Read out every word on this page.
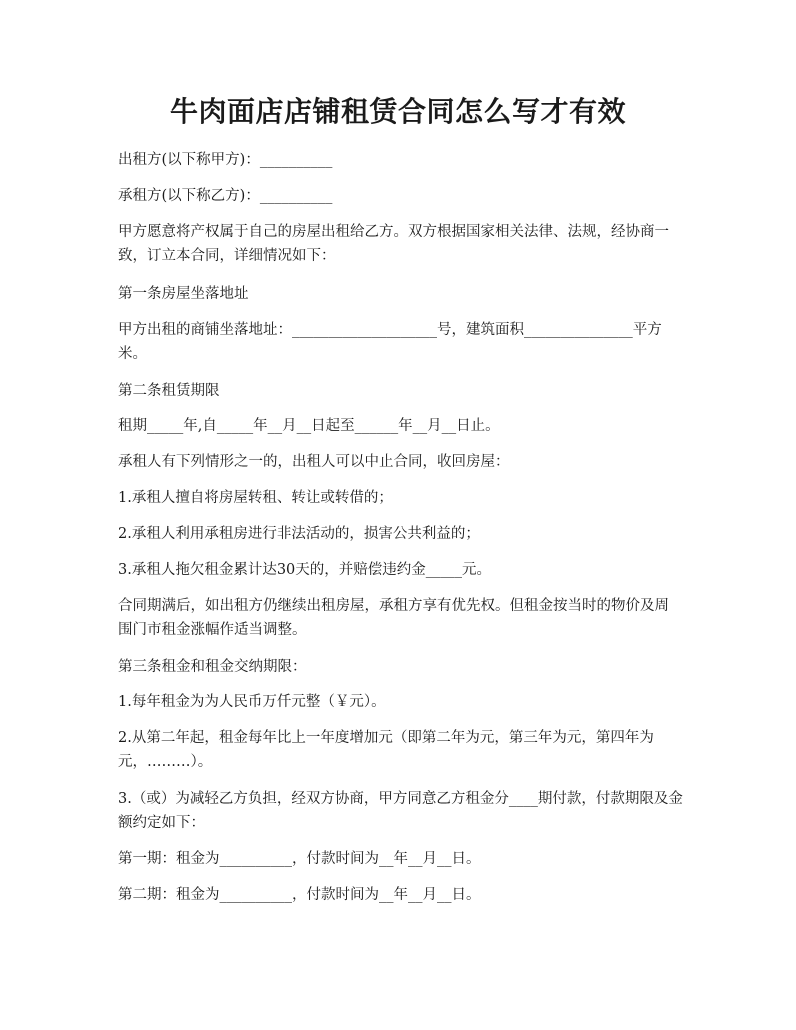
牛肉面店店铺租赁合同怎么写才有效

出租方(以下称甲方)：__________

承租方(以下称乙方)：__________

甲方愿意将产权属于自己的房屋出租给乙方。双方根据国家相关法律、法规，经协商一致，订立本合同，详细情况如下：

第一条房屋坐落地址

甲方出租的商铺坐落地址：____________________号，建筑面积_______________平方米。

第二条租赁期限

租期_____年,自_____年__月__日起至______年__月__日止。

承租人有下列情形之一的，出租人可以中止合同，收回房屋：

1.承租人擅自将房屋转租、转让或转借的；

2.承租人利用承租房进行非法活动的，损害公共利益的；

3.承租人拖欠租金累计达30天的，并赔偿违约金_____元。

合同期满后，如出租方仍继续出租房屋，承租方享有优先权。但租金按当时的物价及周围门市租金涨幅作适当调整。

第三条租金和租金交纳期限：

1.每年租金为为人民币万仟元整（￥元）。

2.从第二年起，租金每年比上一年度增加元（即第二年为元，第三年为元，第四年为元，………）。

3.（或）为减轻乙方负担，经双方协商，甲方同意乙方租金分____期付款，付款期限及金额约定如下：

第一期：租金为__________，付款时间为__年__月__日。

第二期：租金为__________，付款时间为__年__月__日。
